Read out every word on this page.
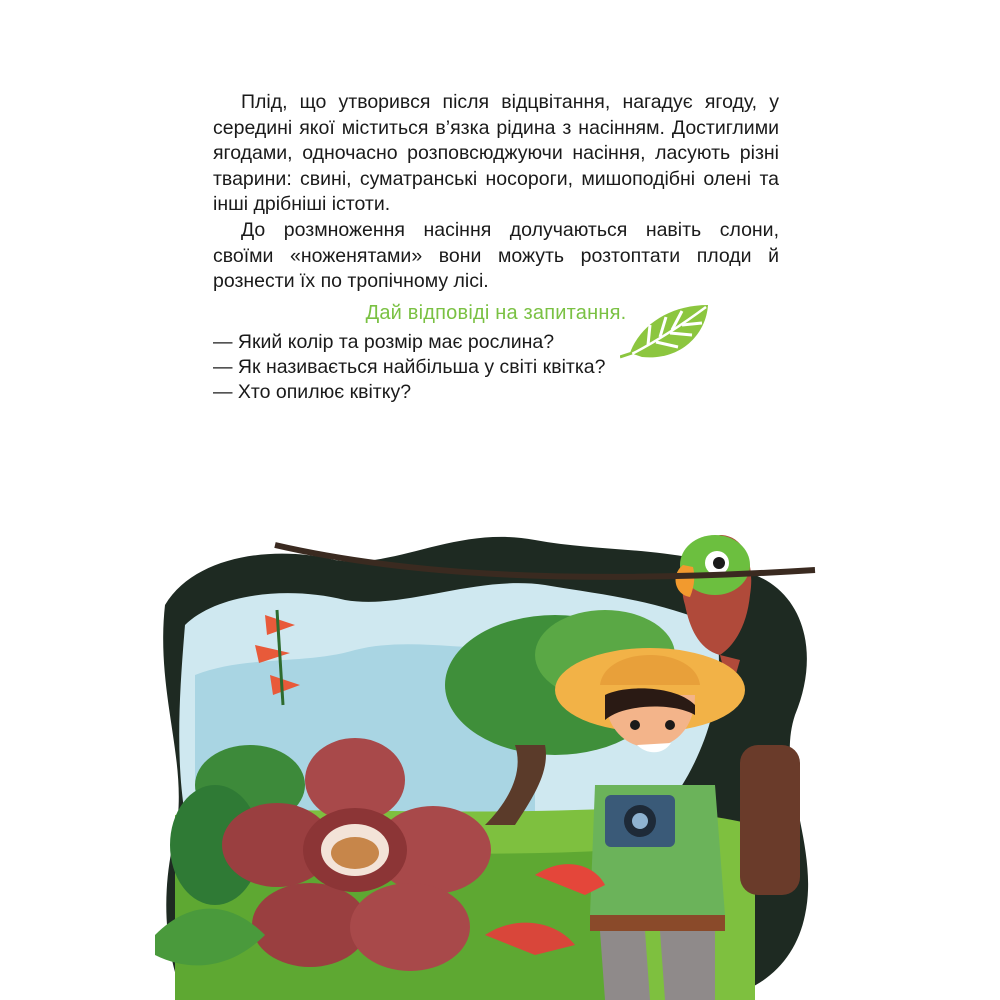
Плід, що утворився після відцвітання, нагадує ягоду, у середині якої міститься в’язка рідина з насінням. Достиглими ягодами, одночасно розповсюджуючи насіння, ласують різні тварини: свині, суматранські носороги, мишоподібні олені та інші дрібніші істоти.

До розмноження насіння долучаються навіть слони, своїми «ноженятами» вони можуть розтоптати плоди й рознести їх по тропічному лісі.

Дай відповіді на запитання.
— Який колір та розмір має рослина?
— Як називається найбільша у світі квітка?
— Хто опилює квітку?
